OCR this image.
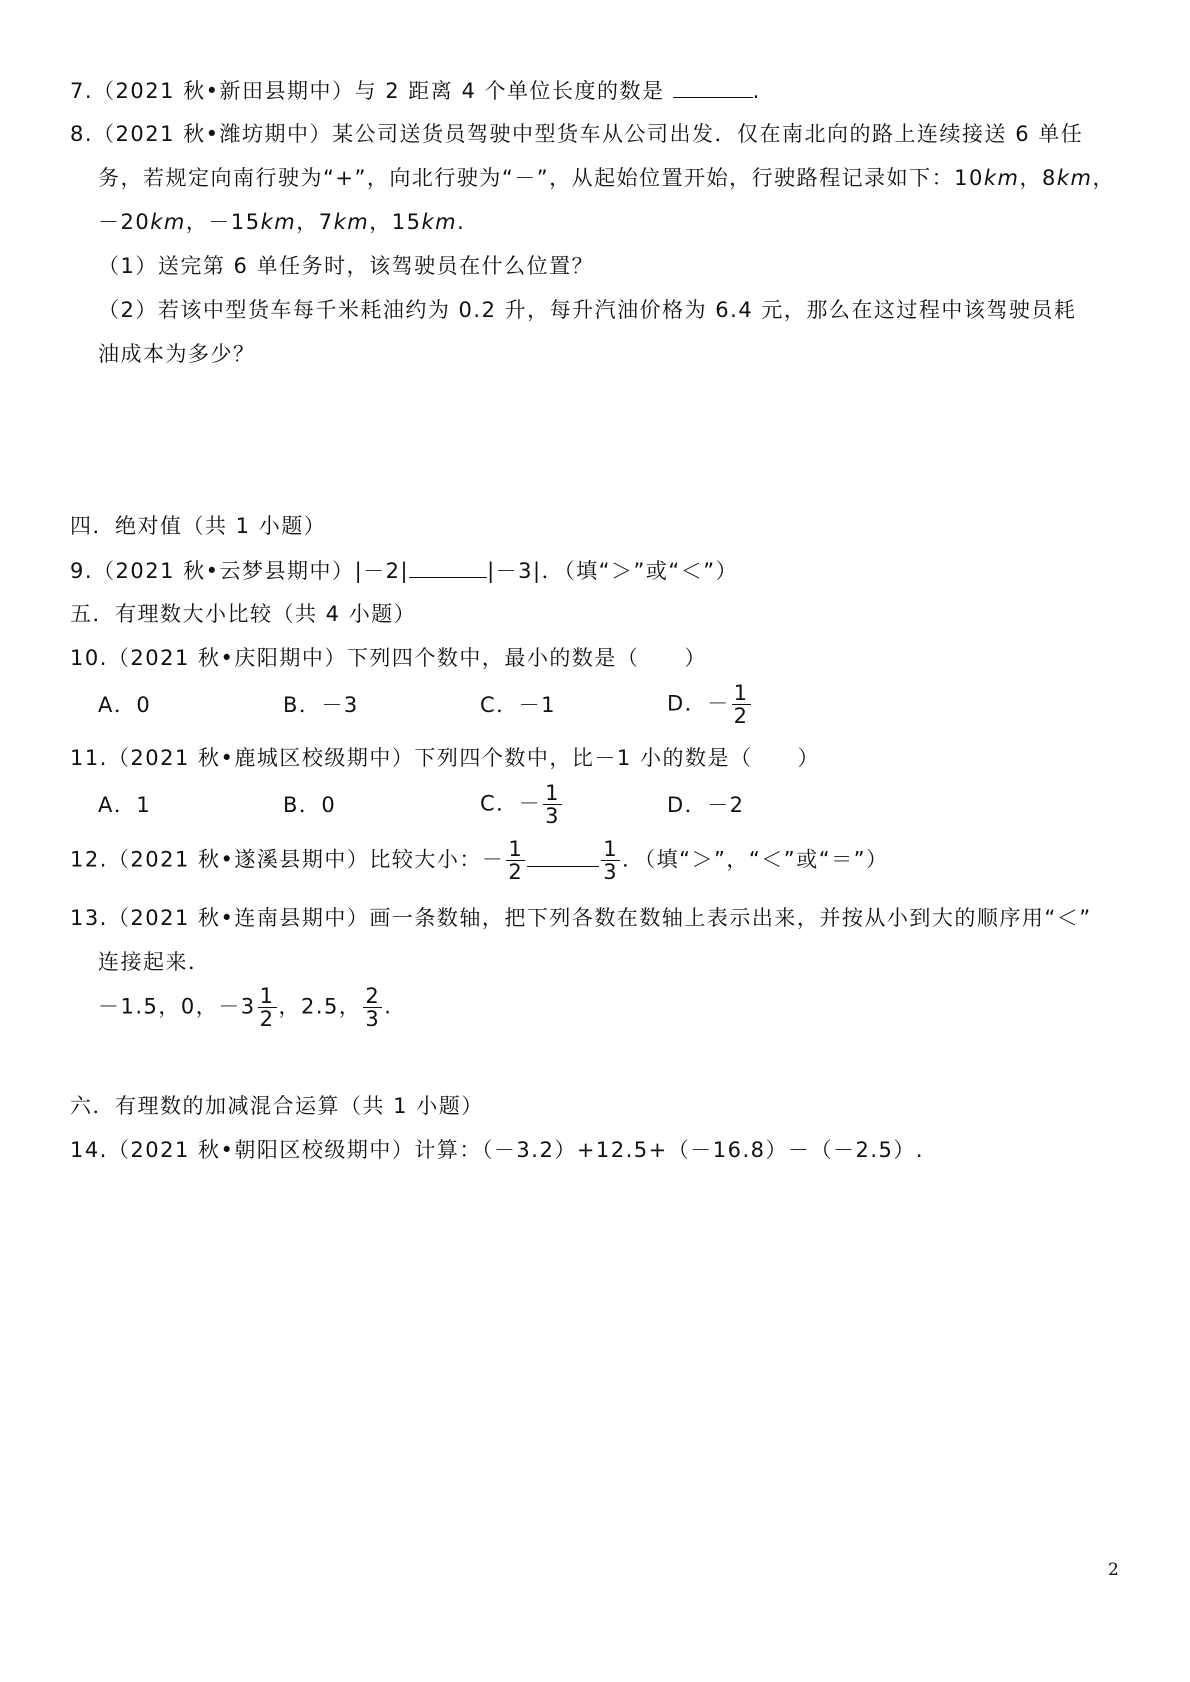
7.（2021 秋•新田县期中）与 2 距离 4 个单位长度的数是	.
8.（2021 秋•潍坊期中）某公司送货员驾驶中型货车从公司出发．仅在南北向的路上连续接送 6 单任
务，若规定向南行驶为“+”，向北行驶为“－”，从起始位置开始，行驶路程记录如下：10km，8km，
－20km，－15km，7km，15km.
（1）送完第 6 单任务时，该驾驶员在什么位置？
（2）若该中型货车每千米耗油约为 0.2 升，每升汽油价格为 6.4 元，那么在这过程中该驾驶员耗
油成本为多少？
四．绝对值（共 1 小题）
9.（2021 秋•云梦县期中）|－2|	|－3|．（填“＞”或“＜”）
五．有理数大小比较（共 4 小题）
10.（2021 秋•庆阳期中）下列四个数中，最小的数是（　　）
A．0	B．－3	C．－1	D．－ $\frac{1}{2}$
11.（2021 秋•鹿城区校级期中）下列四个数中，比－1 小的数是（　　）
A．1	B．0	C．－ $\frac{1}{3}$	D．－2
12.（2021 秋•遂溪县期中）比较大小：－ $\frac{1}{2}$	$\frac{1}{3}$ ．（填“＞”，“＜”或“＝”）
13.（2021 秋•连南县期中）画一条数轴，把下列各数在数轴上表示出来，并按从小到大的顺序用“＜”
连接起来．
－1.5，0，$-3 \frac{1}{2}$ ，2.5， $\frac{2}{3}$ .
六．有理数的加减混合运算（共 1 小题）
14.（2021 秋•朝阳区校级期中）计算：（－3.2）+12.5+（－16.8）－（－2.5）.
2
